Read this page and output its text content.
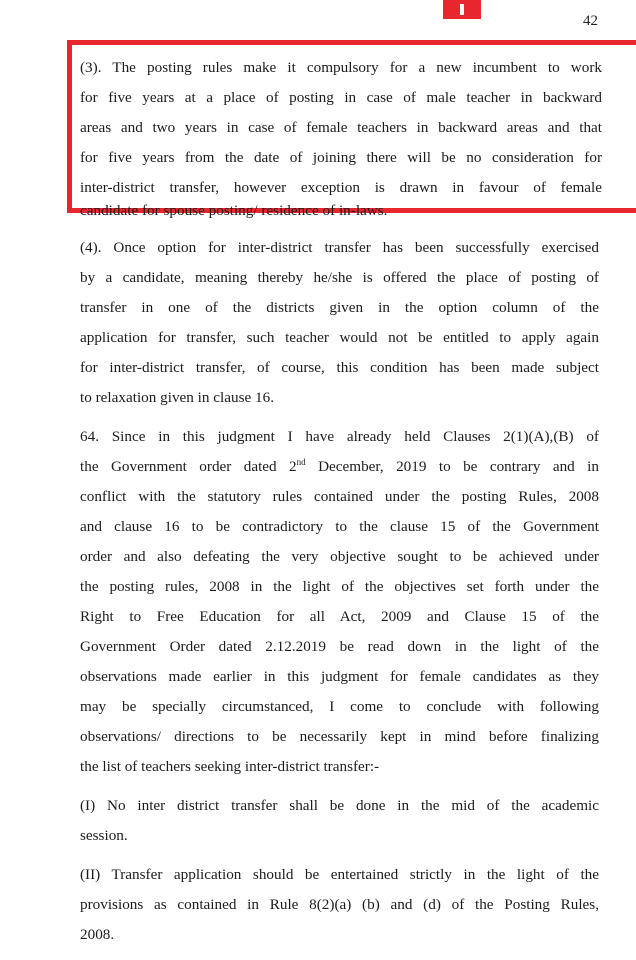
42
(3). The posting rules make it compulsory for a new incumbent to work
for five years at a place of posting in case of male teacher in backward
areas and two years in case of female teachers in backward areas and that
for five years from the date of joining there will be no consideration for
inter-district transfer, however exception is drawn in favour of female
candidate for spouse posting/ residence of in-laws.
(4). Once option for inter-district transfer has been successfully exercised
by a candidate, meaning thereby he/she is offered the place of posting of
transfer in one of the districts given in the option column of the
application for transfer, such teacher would not be entitled to apply again
for inter-district transfer, of course, this condition has been made subject
to relaxation given in clause 16.
64. Since in this judgment I have already held Clauses 2(1)(A),(B) of
the Government order dated 2nd December, 2019 to be contrary and in
conflict with the statutory rules contained under the posting Rules, 2008
and clause 16 to be contradictory to the clause 15 of the Government
order and also defeating the very objective sought to be achieved under
the posting rules, 2008 in the light of the objectives set forth under the
Right to Free Education for all Act, 2009 and Clause 15 of the
Government Order dated 2.12.2019 be read down in the light of the
observations made earlier in this judgment for female candidates as they
may be specially circumstanced, I come to conclude with following
observations/ directions to be necessarily kept in mind before finalizing
the list of teachers seeking inter-district transfer:-
(I) No inter district transfer shall be done in the mid of the academic
session.
(II) Transfer application should be entertained strictly in the light of the
provisions as contained in Rule 8(2)(a) (b) and (d) of the Posting Rules,
2008.
